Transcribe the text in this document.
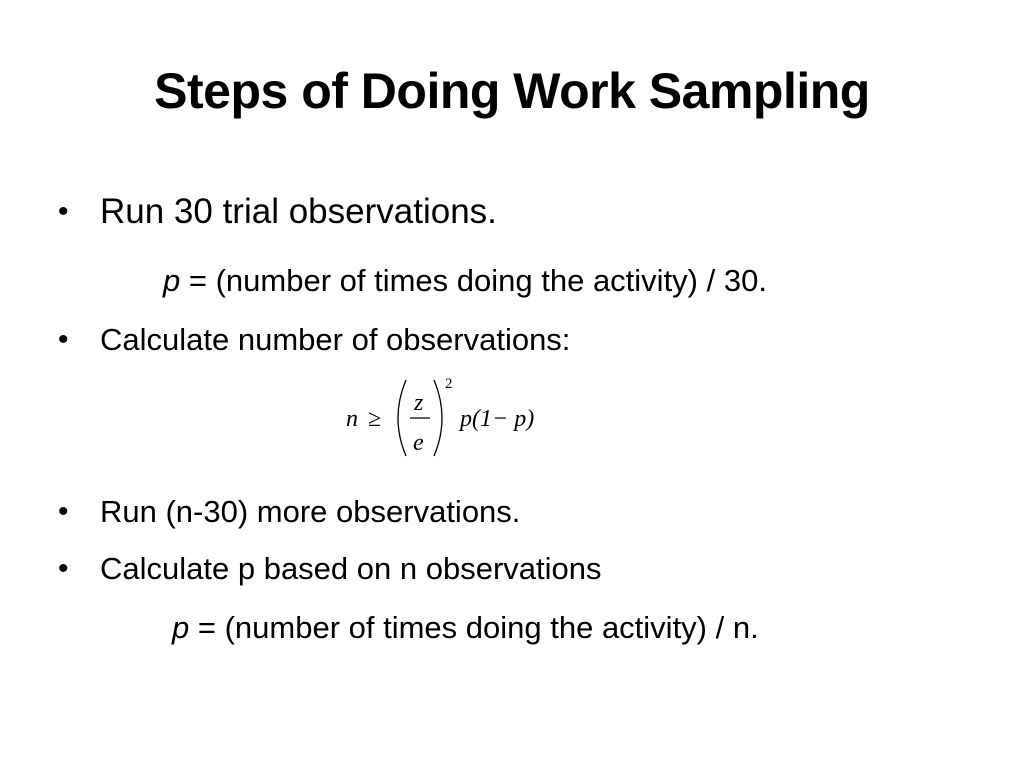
Steps of Doing Work Sampling
• Run 30 trial observations.
p = (number of times doing the activity) / 30.
• Calculate number of observations:
n ≥
z
e
2
p(1− p)
• Run (n-30) more observations.
• Calculate p based on n observations
p = (number of times doing the activity) / n.
